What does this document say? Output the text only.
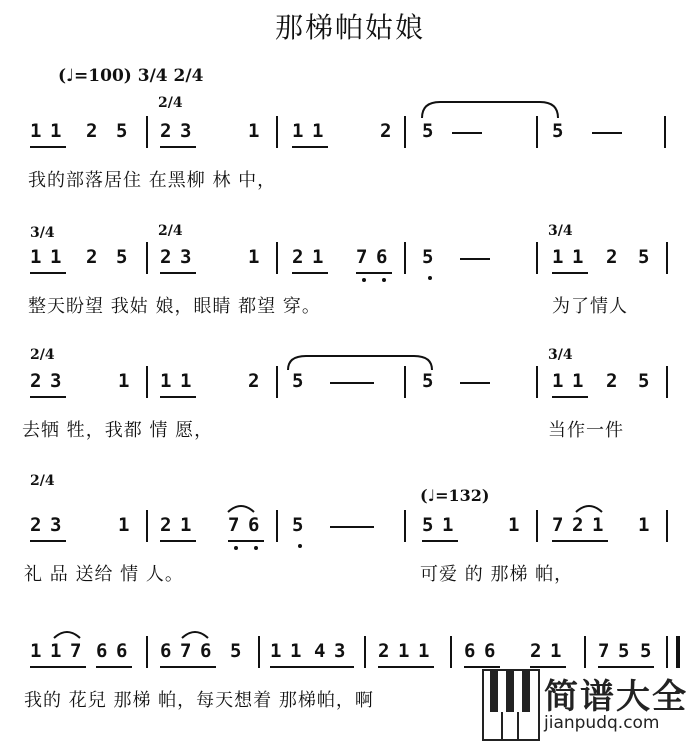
那梯帕姑娘
(♩=100) 3/4 2/4
2/4
1 1 2 5 2 3	1 1 1	2 5	5
我的部落居住 在黑柳 林 中，
3/4	2/4	3/4
1 1 2 5 2 3	1 2 1 7 6 5	1 1 2 5
整天盼望 我姑 娘，眼睛 都望 穿。	为了情人
2/4	3/4
2 3	1 1 1	2 5	5	1 1 2 5
去牺 牲，我都 情 愿，	当作一件
2/4
(♩=132)
2 3	1 2 1 7 6 5	5 1	1 7 2 1 1
礼 品 送给 情 人。	可爱 的 那梯 帕，
1 1 7 6 6 6 7 6 5 1 1 4 3 2 1 1 6 6 2 1 7 5 5
我的 花兒 那梯 帕，每天想着 那梯帕，啊	简谱大全
jianpudq.com
